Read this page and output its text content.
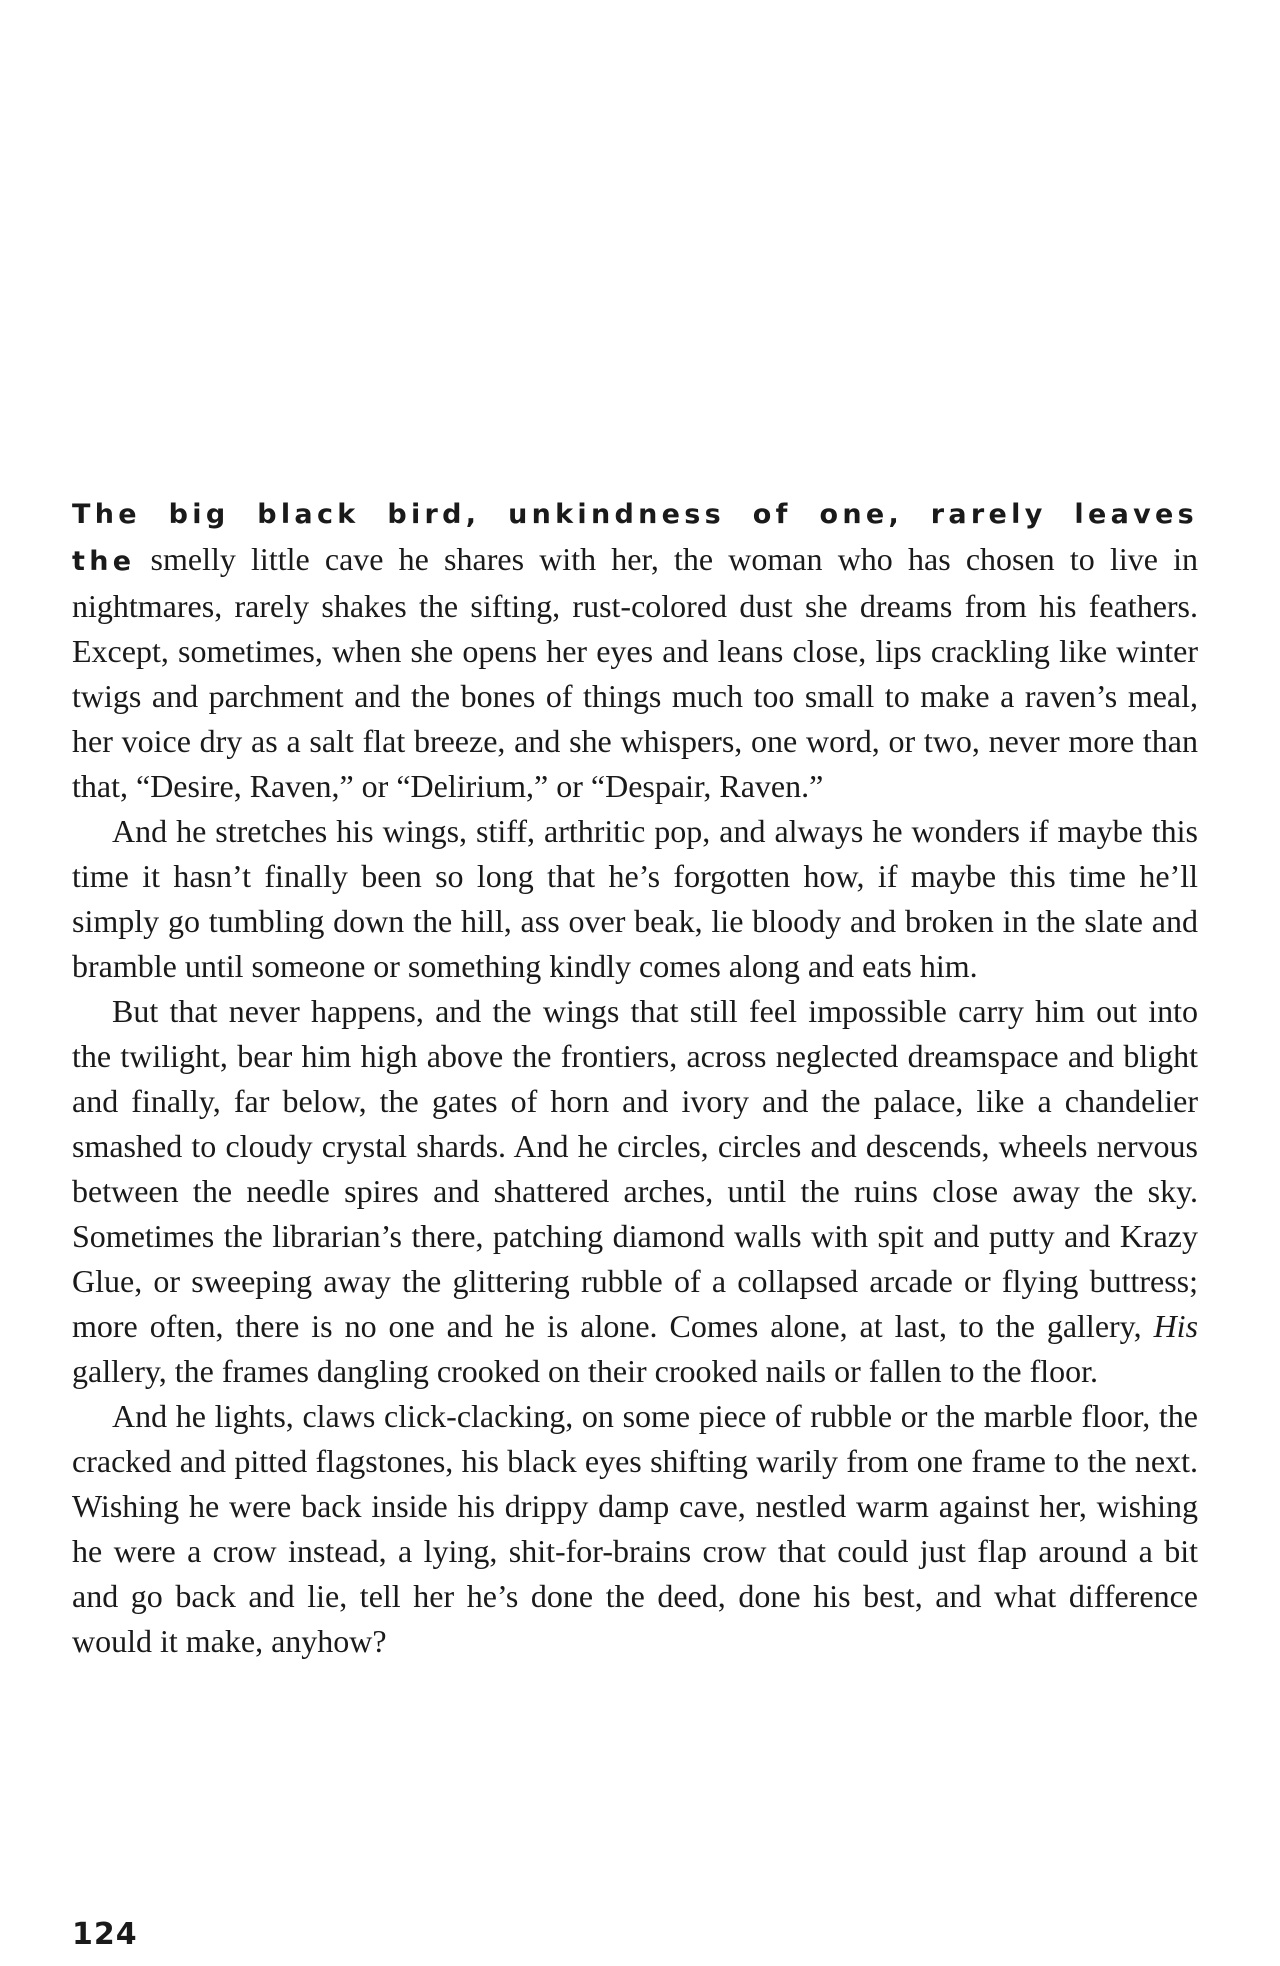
The big black bird, unkindness of one, rarely leaves the smelly little cave he shares with her, the woman who has chosen to live in nightmares, rarely shakes the sifting, rust-colored dust she dreams from his feathers. Except, sometimes, when she opens her eyes and leans close, lips crackling like winter twigs and parchment and the bones of things much too small to make a raven’s meal, her voice dry as a salt flat breeze, and she whispers, one word, or two, never more than that, “Desire, Raven,” or “Delirium,” or “Despair, Raven.”

And he stretches his wings, stiff, arthritic pop, and always he wonders if maybe this time it hasn’t finally been so long that he’s forgotten how, if maybe this time he’ll simply go tumbling down the hill, ass over beak, lie bloody and broken in the slate and bramble until someone or something kindly comes along and eats him.

But that never happens, and the wings that still feel impossible carry him out into the twilight, bear him high above the frontiers, across neglected dreamspace and blight and finally, far below, the gates of horn and ivory and the palace, like a chandelier smashed to cloudy crystal shards. And he circles, circles and descends, wheels nervous between the needle spires and shattered arches, until the ruins close away the sky. Sometimes the librarian’s there, patching diamond walls with spit and putty and Krazy Glue, or sweeping away the glittering rubble of a collapsed arcade or flying buttress; more often, there is no one and he is alone. Comes alone, at last, to the gallery, His gallery, the frames dangling crooked on their crooked nails or fallen to the floor.

And he lights, claws click-clacking, on some piece of rubble or the marble floor, the cracked and pitted flagstones, his black eyes shifting warily from one frame to the next. Wishing he were back inside his drippy damp cave, nestled warm against her, wishing he were a crow instead, a lying, shit-for-brains crow that could just flap around a bit and go back and lie, tell her he’s done the deed, done his best, and what difference would it make, anyhow?

124
